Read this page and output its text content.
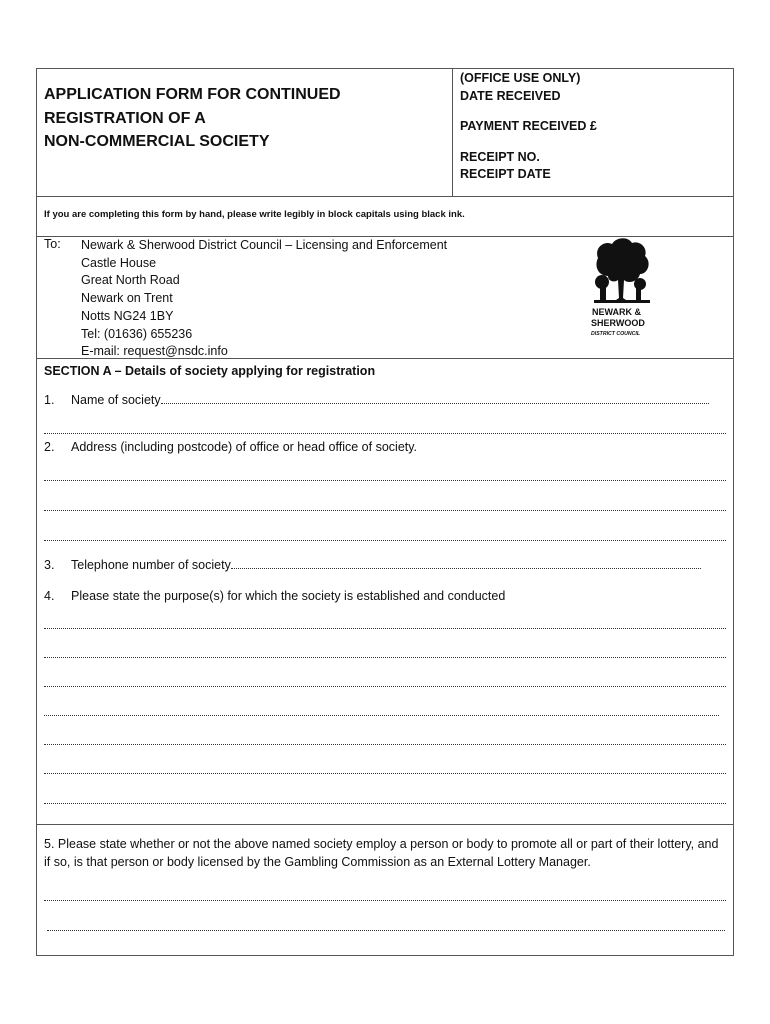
APPLICATION FORM FOR CONTINUED
REGISTRATION OF A
NON-COMMERCIAL SOCIETY
(OFFICE USE ONLY)
DATE RECEIVED
PAYMENT RECEIVED £
RECEIPT NO.
RECEIPT DATE
If you are completing this form by hand, please write legibly in block capitals using black ink.
To: Newark & Sherwood District Council – Licensing and Enforcement
Castle House
Great North Road
Newark on Trent
Notts NG24 1BY
Tel: (01636) 655236
E-mail: request@nsdc.info
NEWARK &
SHERWOOD
DISTRICT COUNCIL
SECTION A – Details of society applying for registration
1. Name of society
2. Address (including postcode) of office or head office of society.
3. Telephone number of society
4. Please state the purpose(s) for which the society is established and conducted
5. Please state whether or not the above named society employ a person or body to promote all or part of their lottery, and if so, is that person or body licensed by the Gambling Commission as an External Lottery Manager.
